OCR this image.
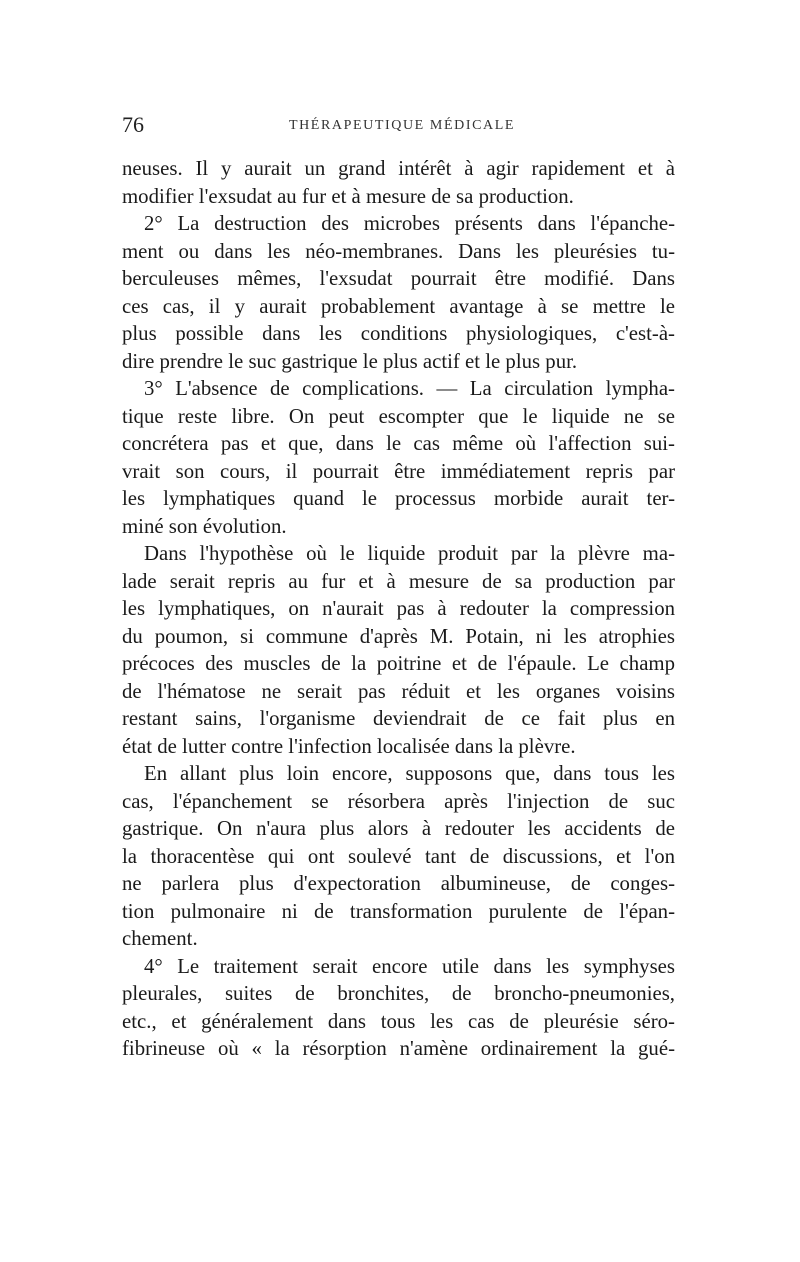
76	THÉRAPEUTIQUE MÉDICALE
neuses. Il y aurait un grand intérêt à agir rapidement et à
modifier l'exsudat au fur et à mesure de sa production.
2° La destruction des microbes présents dans l'épanche-
ment ou dans les néo-membranes. Dans les pleurésies tu-
berculeuses mêmes, l'exsudat pourrait être modifié. Dans
ces cas, il y aurait probablement avantage à se mettre le
plus possible dans les conditions physiologiques, c'est-à-
dire prendre le suc gastrique le plus actif et le plus pur.
3° L'absence de complications. — La circulation lympha-
tique reste libre. On peut escompter que le liquide ne se
concrétera pas et que, dans le cas même où l'affection sui-
vrait son cours, il pourrait être immédiatement repris par
les lymphatiques quand le processus morbide aurait ter-
miné son évolution.
Dans l'hypothèse où le liquide produit par la plèvre ma-
lade serait repris au fur et à mesure de sa production par
les lymphatiques, on n'aurait pas à redouter la compression
du poumon, si commune d'après M. Potain, ni les atrophies
précoces des muscles de la poitrine et de l'épaule. Le champ
de l'hématose ne serait pas réduit et les organes voisins
restant sains, l'organisme deviendrait de ce fait plus en
état de lutter contre l'infection localisée dans la plèvre.
En allant plus loin encore, supposons que, dans tous les
cas, l'épanchement se résorbera après l'injection de suc
gastrique. On n'aura plus alors à redouter les accidents de
la thoracentèse qui ont soulevé tant de discussions, et l'on
ne parlera plus d'expectoration albumineuse, de conges-
tion pulmonaire ni de transformation purulente de l'épan-
chement.
4° Le traitement serait encore utile dans les symphyses
pleurales, suites de bronchites, de broncho-pneumonies,
etc., et généralement dans tous les cas de pleurésie séro-
fibrineuse où « la résorption n'amène ordinairement la gué-
